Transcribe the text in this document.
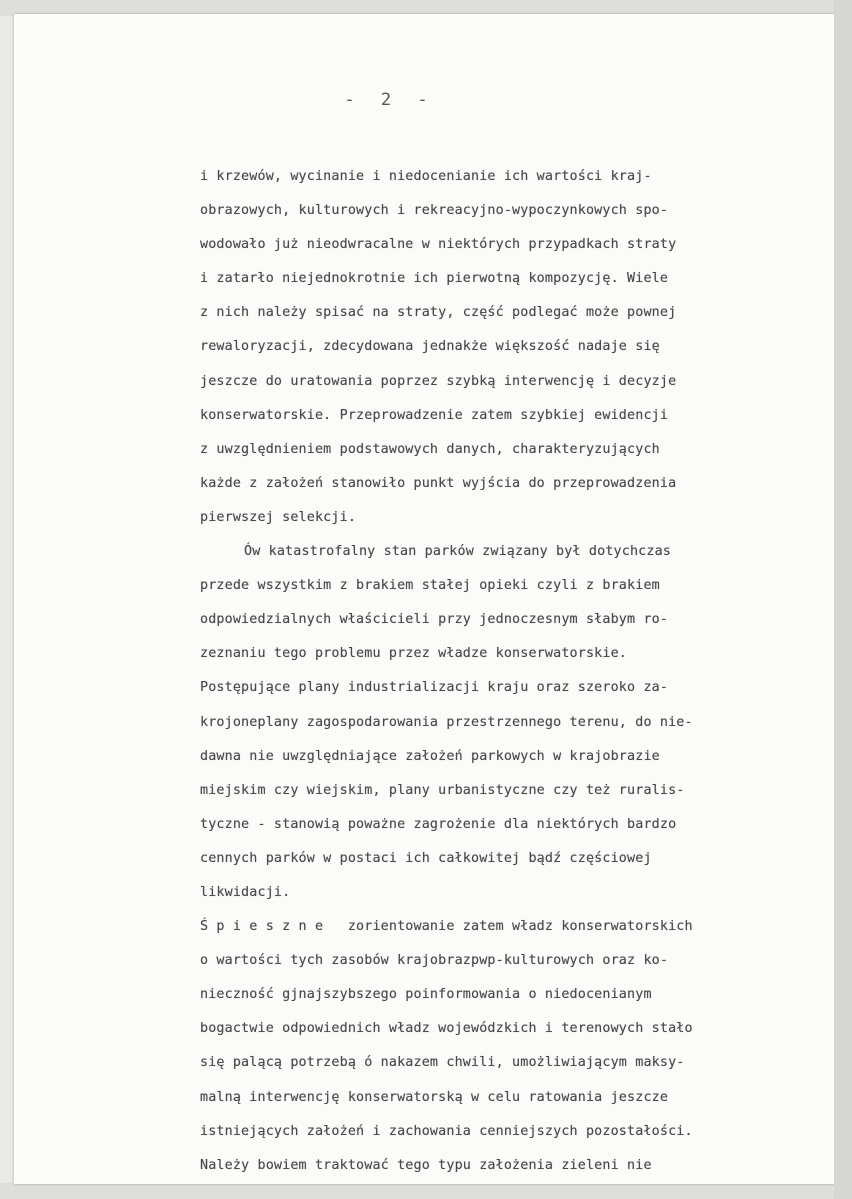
- 2 -
i krzewów, wycinanie i niedocenianie ich wartości kraj-
obrazowych, kulturowych i rekreacyjno-wypoczynkowych spo-
wodowało już nieodwracalne w niektórych przypadkach straty
i zatarło niejednokrotnie ich pierwotną kompozycję. Wiele
z nich należy spisać na straty, część podlegać może pownej
rewaloryzacji, zdecydowana jednakże większość nadaje się
jeszcze do uratowania poprzez szybką interwencję i decyzje
konserwatorskie. Przeprowadzenie zatem szybkiej ewidencji
z uwzględnieniem podstawowych danych, charakteryzujących
każde z założeń stanowiło punkt wyjścia do przeprowadzenia
pierwszej selekcji.
Ów katastrofalny stan parków związany był dotychczas
przede wszystkim z brakiem stałej opieki czyli z brakiem
odpowiedzialnych właścicieli przy jednoczesnym słabym ro-
zeznaniu tego problemu przez władze konserwatorskie.
Postępujące plany industrializacji kraju oraz szeroko za-
krojoneplany zagospodarowania przestrzennego terenu, do nie-
dawna nie uwzględniające założeń parkowych w krajobrazie
miejskim czy wiejskim, plany urbanistyczne czy też ruralis-
tyczne - stanowią poważne zagrożenie dla niektórych bardzo
cennych parków w postaci ich całkowitej bądź częściowej
likwidacji.
Ś p i e s z n e   zorientowanie zatem władz konserwatorskich
o wartości tych zasobów krajobrazpwp-kulturowych oraz ko-
nieczność gjnajszybszego poinformowania o niedocenianym
bogactwie odpowiednich władz wojewódzkich i terenowych stało
się palącą potrzebą ó nakazem chwili, umożliwiającym maksy-
malną interwencję konserwatorską w celu ratowania jeszcze
istniejących założeń i zachowania cenniejszych pozostałości.
Należy bowiem traktować tego typu założenia zieleni nie
